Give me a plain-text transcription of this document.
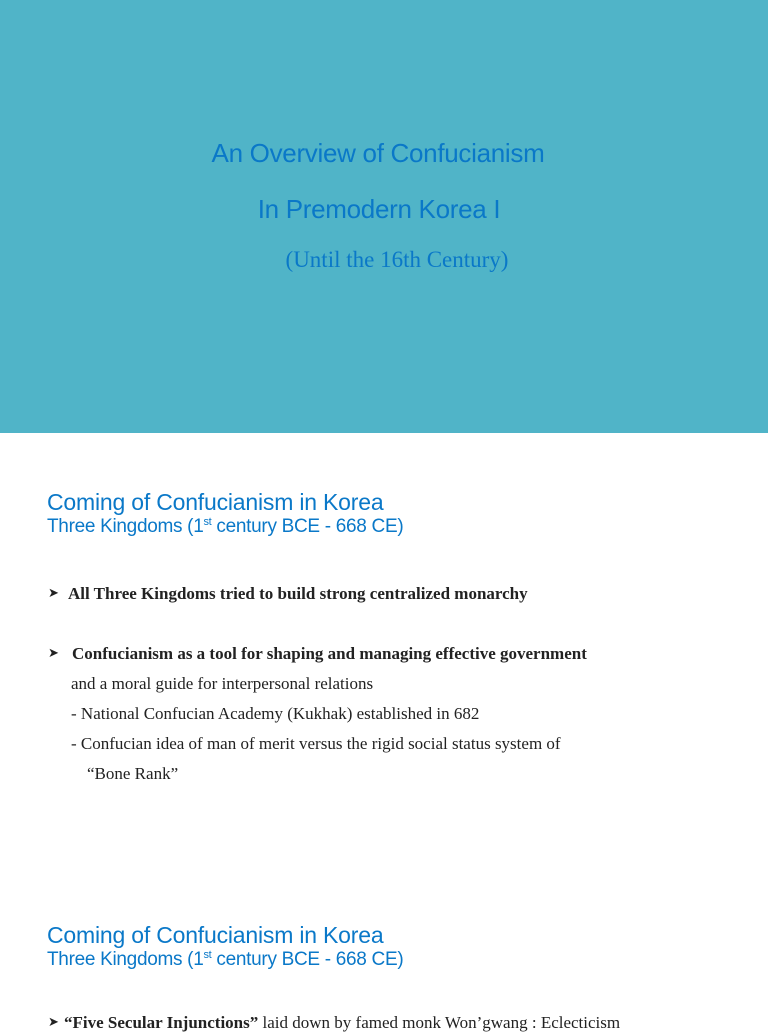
An Overview of Confucianism
In Premodern Korea I
(Until the 16th Century)
Coming of Confucianism in Korea
Three Kingdoms (1st century BCE - 668 CE)
➤ All Three Kingdoms tried to build strong centralized monarchy
➤ Confucianism as a tool for shaping and managing effective government
and a moral guide for interpersonal relations
- National Confucian Academy (Kukhak) established in 682
- Confucian idea of man of merit versus the rigid social status system of
“Bone Rank”
Coming of Confucianism in Korea
Three Kingdoms (1st century BCE - 668 CE)
➤ “Five Secular Injunctions” laid down by famed monk Won’gwang : Eclecticism
